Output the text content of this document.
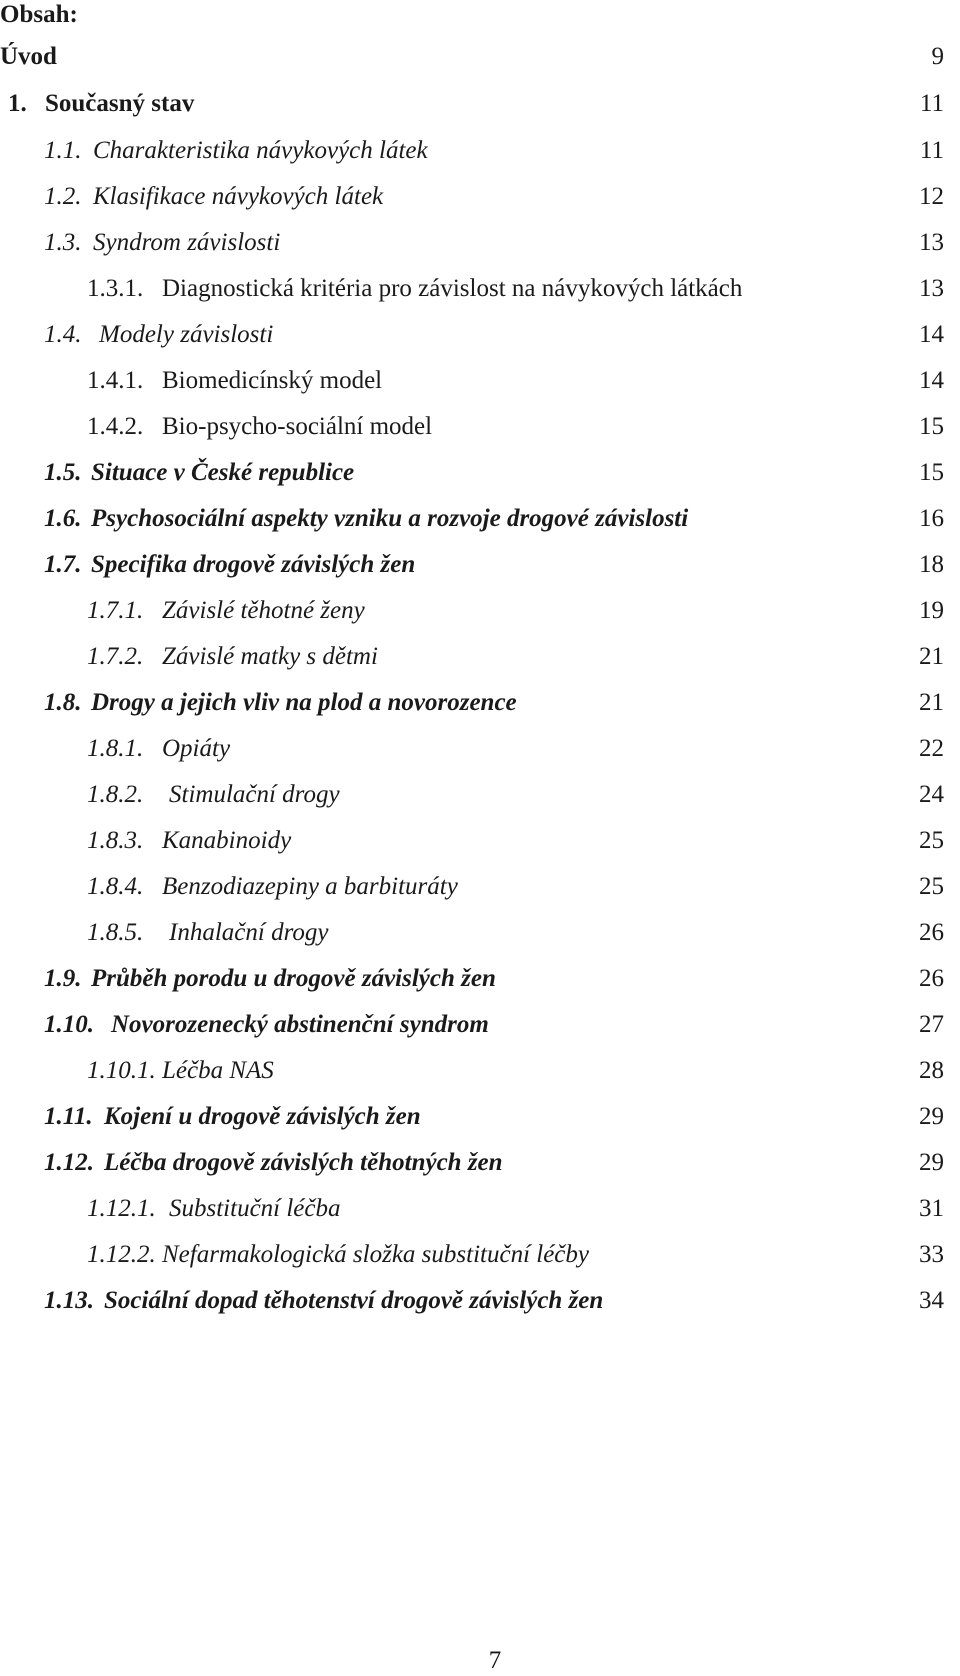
Obsah:
Úvod	9
1. Současný stav	11
1.1. Charakteristika návykových látek	11
1.2. Klasifikace návykových látek	12
1.3. Syndrom závislosti	13
1.3.1. Diagnostická kritéria pro závislost na návykových látkách	13
1.4. Modely závislosti	14
1.4.1. Biomedicínský model	14
1.4.2. Bio-psycho-sociální model	15
1.5. Situace v České republice	15
1.6. Psychosociální aspekty vzniku a rozvoje drogové závislosti	16
1.7. Specifika drogově závislých žen	18
1.7.1. Závislé těhotné ženy	19
1.7.2. Závislé matky s dětmi	21
1.8. Drogy a jejich vliv na plod a novorozence	21
1.8.1. Opiáty	22
1.8.2. Stimulační drogy	24
1.8.3. Kanabinoidy	25
1.8.4. Benzodiazepiny a barbituráty	25
1.8.5. Inhalační drogy	26
1.9. Průběh porodu u drogově závislých žen	26
1.10. Novorozenecký abstinenční syndrom	27
1.10.1. Léčba NAS	28
1.11. Kojení u drogově závislých žen	29
1.12. Léčba drogově závislých těhotných žen	29
1.12.1. Substituční léčba	31
1.12.2. Nefarmakologická složka substituční léčby	33
1.13. Sociální dopad těhotenství drogově závislých žen	34
7
